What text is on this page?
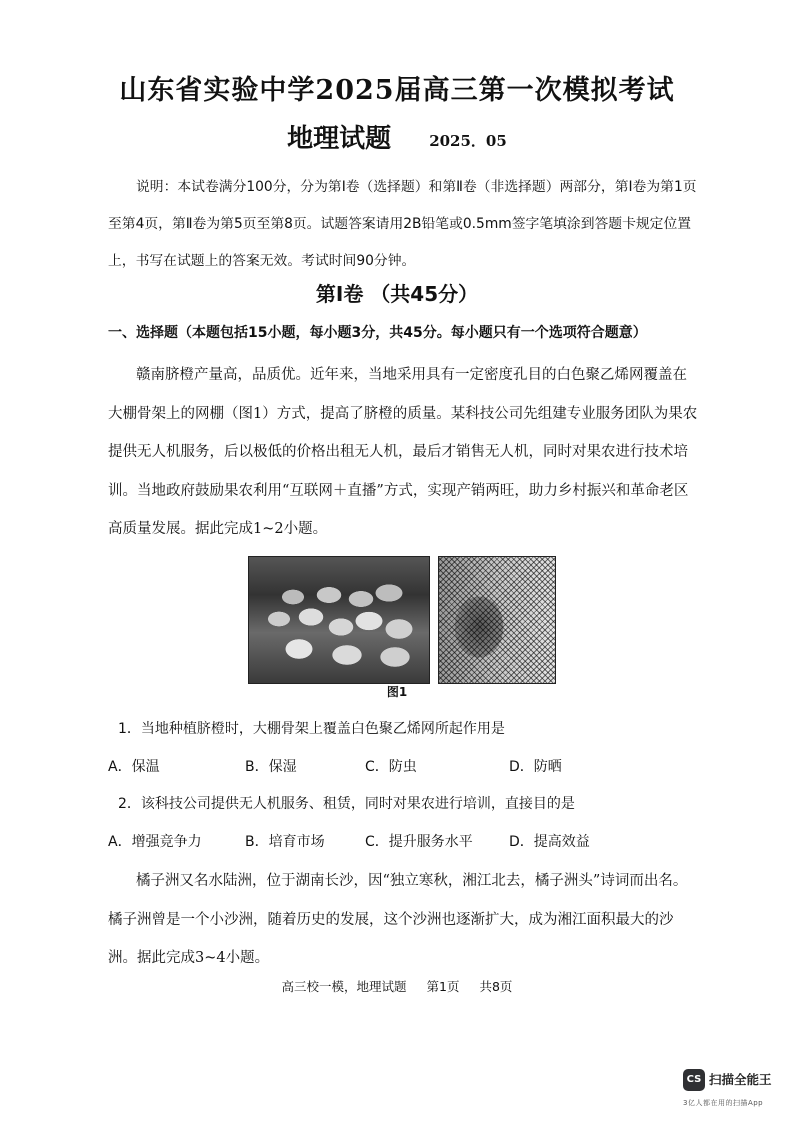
山东省实验中学2025届高三第一次模拟考试
地理试题	2025．05
说明：本试卷满分100分，分为第Ⅰ卷（选择题）和第Ⅱ卷（非选择题）两部分，第Ⅰ卷为第1页至第4页，第Ⅱ卷为第5页至第8页。试题答案请用2B铅笔或0.5mm签字笔填涂到答题卡规定位置上，书写在试题上的答案无效。考试时间90分钟。
第Ⅰ卷 （共45分）
一、选择题（本题包括15小题，每小题3分，共45分。每小题只有一个选项符合题意）
赣南脐橙产量高，品质优。近年来，当地采用具有一定密度孔目的白色聚乙烯网覆盖在大棚骨架上的网棚（图1）方式，提高了脐橙的质量。某科技公司先组建专业服务团队为果农提供无人机服务，后以极低的价格出租无人机，最后才销售无人机，同时对果农进行技术培训。当地政府鼓励果农利用“互联网＋直播”方式，实现产销两旺，助力乡村振兴和革命老区高质量发展。据此完成1~2小题。
图1
1．当地种植脐橙时，大棚骨架上覆盖白色聚乙烯网所起作用是
A．保温	B．保湿	C．防虫	D．防晒
2．该科技公司提供无人机服务、租赁，同时对果农进行培训，直接目的是
A．增强竞争力	B．培育市场	C．提升服务水平	D．提高效益
橘子洲又名水陆洲，位于湖南长沙，因“独立寒秋，湘江北去，橘子洲头”诗词而出名。橘子洲曾是一个小沙洲，随着历史的发展，这个沙洲也逐渐扩大，成为湘江面积最大的沙洲。据此完成3~4小题。
高三校一模，地理试题 第1页 共8页
CS 扫描全能王
3亿人都在用的扫描App
